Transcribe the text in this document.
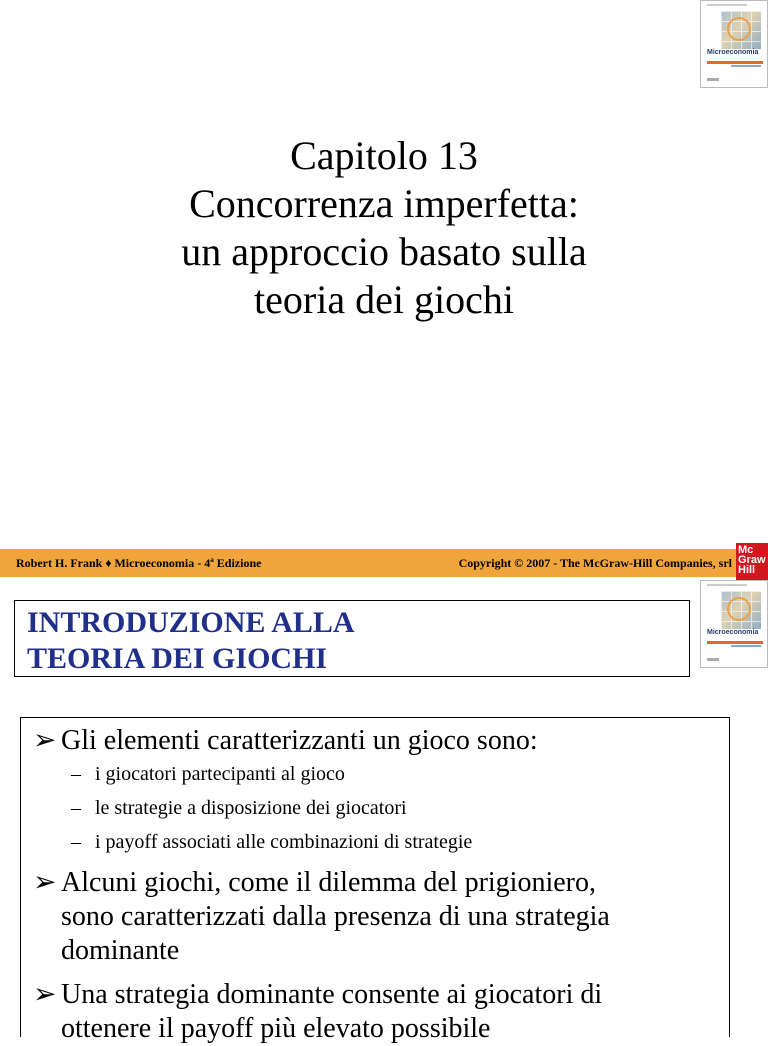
Microeconomia
Capitolo 13
Concorrenza imperfetta:
un approccio basato sulla
teoria dei giochi
Robert H. Frank ♦ Microeconomia - 4ª Edizione	Copyright © 2007 - The McGraw-Hill Companies, srl
Mc Graw Hill
Microeconomia
INTRODUZIONE ALLA
TEORIA DEI GIOCHI
➢ Gli elementi caratterizzanti un gioco sono:
– i giocatori partecipanti al gioco
– le strategie a disposizione dei giocatori
– i payoff associati alle combinazioni di strategie
➢ Alcuni giochi, come il dilemma del prigioniero,
sono caratterizzati dalla presenza di una strategia
dominante
➢ Una strategia dominante consente ai giocatori di
ottenere il payoff più elevato possibile
